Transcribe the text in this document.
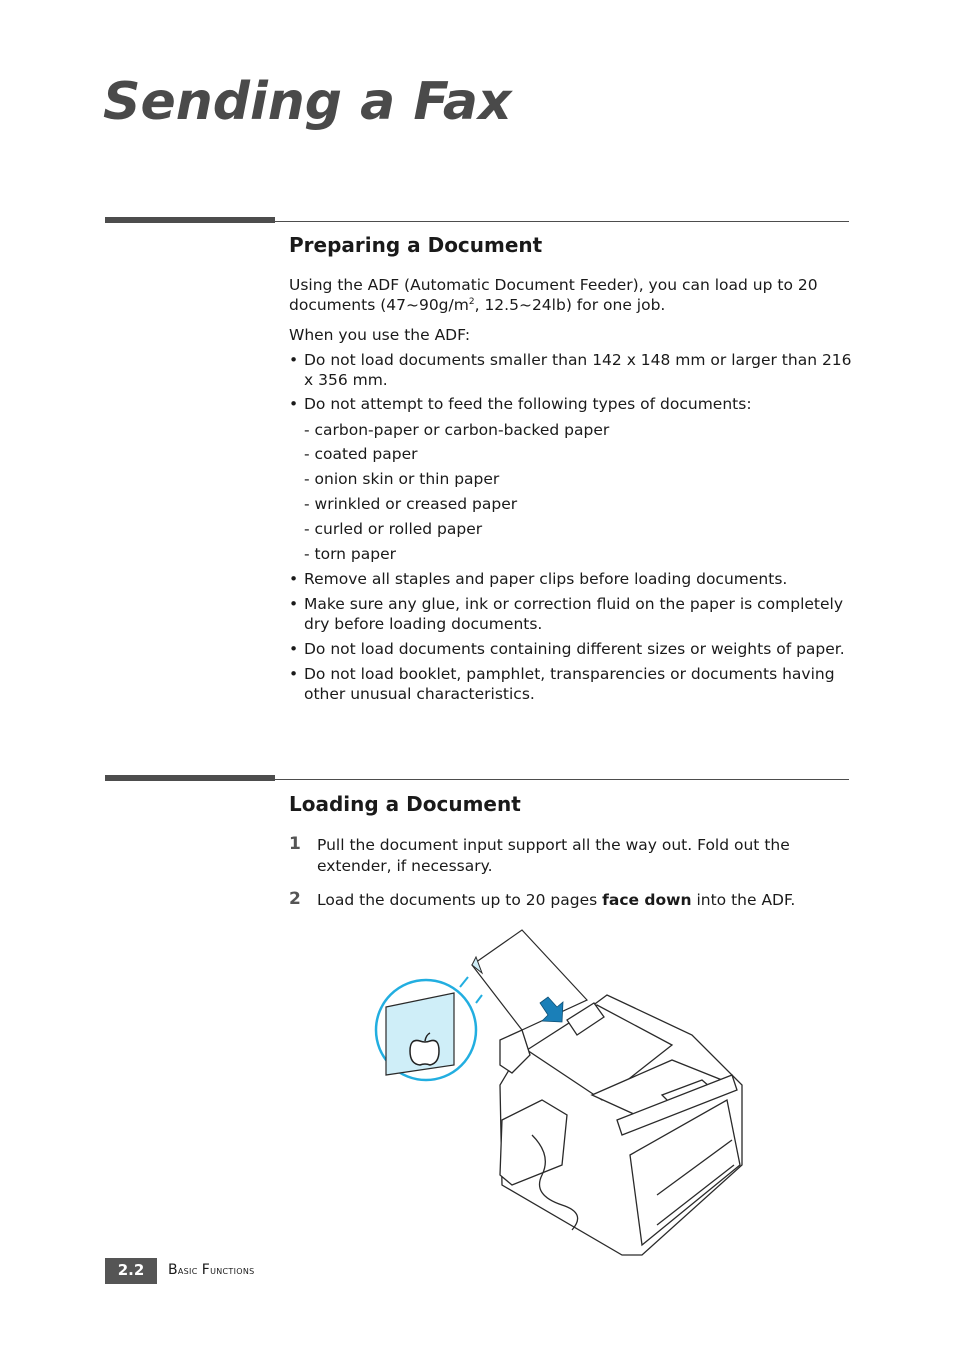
Sending a Fax
Preparing a Document

Using the ADF (Automatic Document Feeder), you can load up to 20 documents ($47\sim 90g/m^2$, 12.5~24lb) for one job.

When you use the ADF:

• Do not load documents smaller than 142 x 148 mm or larger than 216 x 356 mm.
• Do not attempt to feed the following types of documents:
- carbon-paper or carbon-backed paper
- coated paper
- onion skin or thin paper
- wrinkled or creased paper
- curled or rolled paper
- torn paper
• Remove all staples and paper clips before loading documents.
• Make sure any glue, ink or correction fluid on the paper is completely dry before loading documents.
• Do not load documents containing different sizes or weights of paper.
• Do not load booklet, pamphlet, transparencies or documents having other unusual characteristics.
Loading a Document
1 Pull the document input support all the way out. Fold out the extender, if necessary.
2 Load the documents up to 20 pages face down into the ADF.
2.2	Basic Functions
